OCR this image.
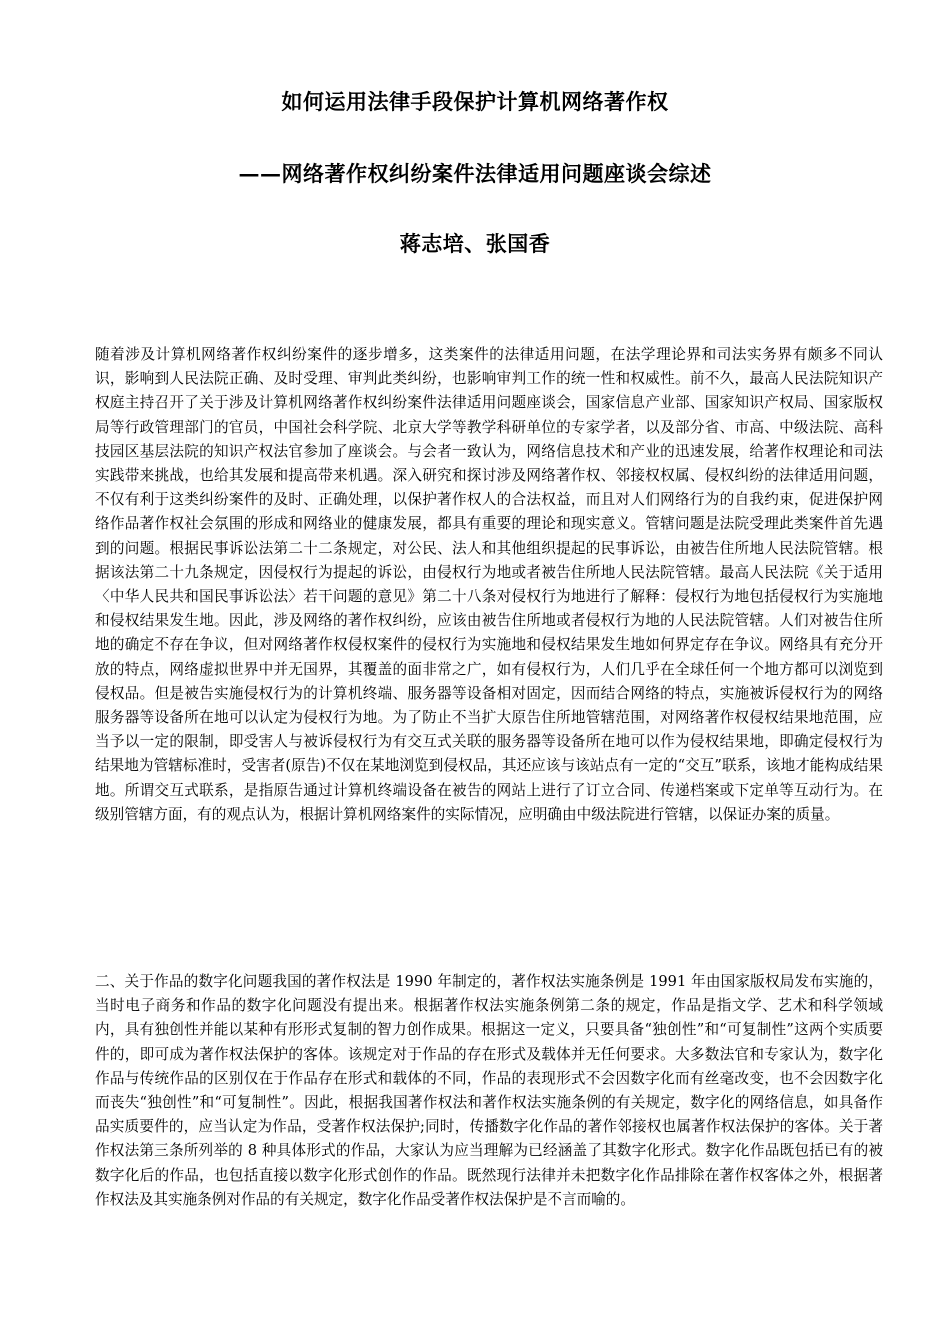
如何运用法律手段保护计算机网络著作权
——网络著作权纠纷案件法律适用问题座谈会综述
蒋志培、张国香

随着涉及计算机网络著作权纠纷案件的逐步增多，这类案件的法律适用问题，在法学理论界和司法实务界有颇多不同认识，影响到人民法院正确、及时受理、审判此类纠纷，也影响审判工作的统一性和权威性。前不久，最高人民法院知识产权庭主持召开了关于涉及计算机网络著作权纠纷案件法律适用问题座谈会，国家信息产业部、国家知识产权局、国家版权局等行政管理部门的官员，中国社会科学院、北京大学等教学科研单位的专家学者，以及部分省、市高、中级法院、高科技园区基层法院的知识产权法官参加了座谈会。与会者一致认为，网络信息技术和产业的迅速发展，给著作权理论和司法实践带来挑战，也给其发展和提高带来机遇。深入研究和探讨涉及网络著作权、邻接权权属、侵权纠纷的法律适用问题，不仅有利于这类纠纷案件的及时、正确处理，以保护著作权人的合法权益，而且对人们网络行为的自我约束，促进保护网络作品著作权社会氛围的形成和网络业的健康发展，都具有重要的理论和现实意义。管辖问题是法院受理此类案件首先遇到的问题。根据民事诉讼法第二十二条规定，对公民、法人和其他组织提起的民事诉讼，由被告住所地人民法院管辖。根据该法第二十九条规定，因侵权行为提起的诉讼，由侵权行为地或者被告住所地人民法院管辖。最高人民法院《关于适用〈中华人民共和国民事诉讼法〉若干问题的意见》第二十八条对侵权行为地进行了解释：侵权行为地包括侵权行为实施地和侵权结果发生地。因此，涉及网络的著作权纠纷，应该由被告住所地或者侵权行为地的人民法院管辖。人们对被告住所地的确定不存在争议，但对网络著作权侵权案件的侵权行为实施地和侵权结果发生地如何界定存在争议。网络具有充分开放的特点，网络虚拟世界中并无国界，其覆盖的面非常之广，如有侵权行为，人们几乎在全球任何一个地方都可以浏览到侵权品。但是被告实施侵权行为的计算机终端、服务器等设备相对固定，因而结合网络的特点，实施被诉侵权行为的网络服务器等设备所在地可以认定为侵权行为地。为了防止不当扩大原告住所地管辖范围，对网络著作权侵权结果地范围，应当予以一定的限制，即受害人与被诉侵权行为有交互式关联的服务器等设备所在地可以作为侵权结果地，即确定侵权行为结果地为管辖标准时，受害者(原告)不仅在某地浏览到侵权品，其还应该与该站点有一定的“交互”联系，该地才能构成结果地。所谓交互式联系，是指原告通过计算机终端设备在被告的网站上进行了订立合同、传递档案或下定单等互动行为。在级别管辖方面，有的观点认为，根据计算机网络案件的实际情况，应明确由中级法院进行管辖，以保证办案的质量。

二、关于作品的数字化问题我国的著作权法是 1990 年制定的，著作权法实施条例是 1991 年由国家版权局发布实施的，当时电子商务和作品的数字化问题没有提出来。根据著作权法实施条例第二条的规定，作品是指文学、艺术和科学领域内，具有独创性并能以某种有形形式复制的智力创作成果。根据这一定义，只要具备“独创性”和“可复制性”这两个实质要件的，即可成为著作权法保护的客体。该规定对于作品的存在形式及载体并无任何要求。大多数法官和专家认为，数字化作品与传统作品的区别仅在于作品存在形式和载体的不同，作品的表现形式不会因数字化而有丝毫改变，也不会因数字化而丧失“独创性”和“可复制性”。因此，根据我国著作权法和著作权法实施条例的有关规定，数字化的网络信息，如具备作品实质要件的，应当认定为作品，受著作权法保护;同时，传播数字化作品的著作邻接权也属著作权法保护的客体。关于著作权法第三条所列举的 8 种具体形式的作品，大家认为应当理解为已经涵盖了其数字化形式。数字化作品既包括已有的被数字化后的作品，也包括直接以数字化形式创作的作品。既然现行法律并未把数字化作品排除在著作权客体之外，根据著作权法及其实施条例对作品的有关规定，数字化作品受著作权法保护是不言而喻的。
